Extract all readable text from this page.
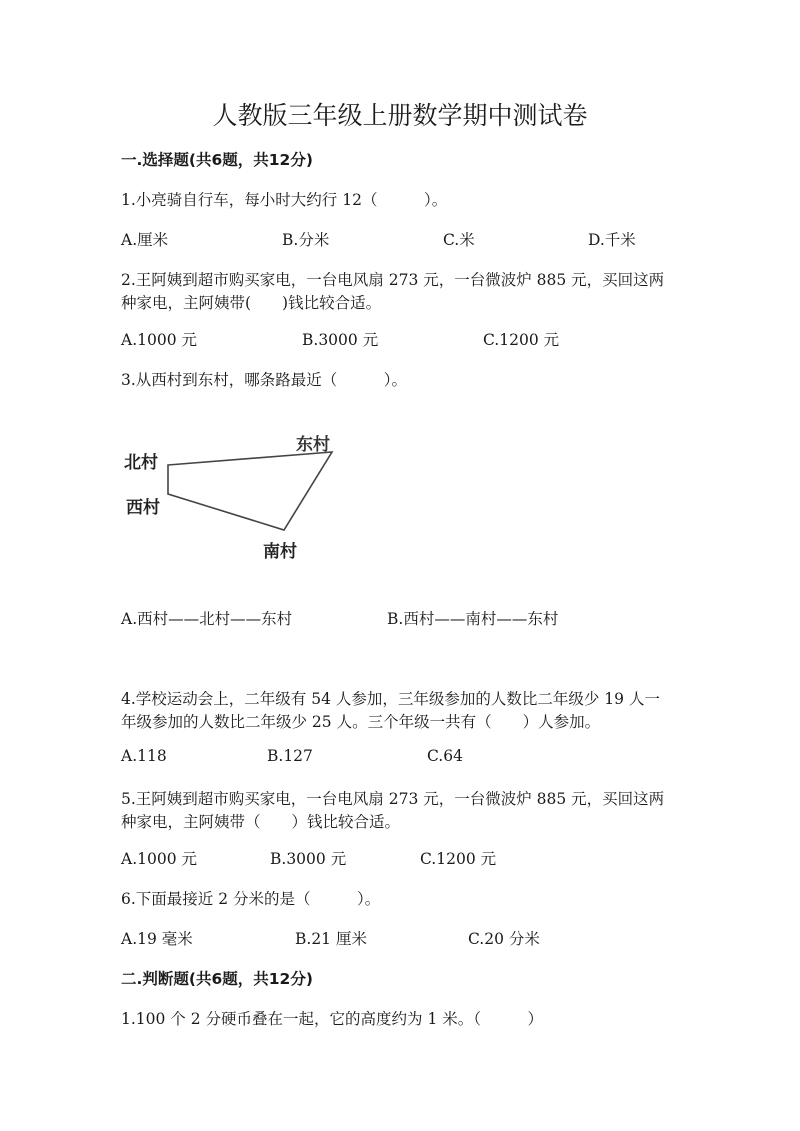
人教版三年级上册数学期中测试卷
一.选择题(共6题，共12分)
1.小亮骑自行车，每小时大约行 12（　　　）。
A.厘米	B.分米	C.米	D.千米
2.王阿姨到超市购买家电，一台电风扇 273 元，一台微波炉 885 元，买回这两
种家电，主阿姨带(　　)钱比较合适。
A.1000 元	B.3000 元	C.1200 元
3.从西村到东村，哪条路最近（　　　）。
北村
东村
西村
南村
A.西村——北村——东村	B.西村——南村——东村
4.学校运动会上，二年级有 54 人参加，三年级参加的人数比二年级少 19 人一
年级参加的人数比二年级少 25 人。三个年级一共有（　　）人参加。
A.118	B.127	C.64
5.王阿姨到超市购买家电，一台电风扇 273 元，一台微波炉 885 元，买回这两
种家电，主阿姨带（　　）钱比较合适。
A.1000 元	B.3000 元	C.1200 元
6.下面最接近 2 分米的是（　　　）。
A.19 毫米	B.21 厘米	C.20 分米
二.判断题(共6题，共12分)
1.100 个 2 分硬币叠在一起，它的高度约为 1 米。（　　　）
